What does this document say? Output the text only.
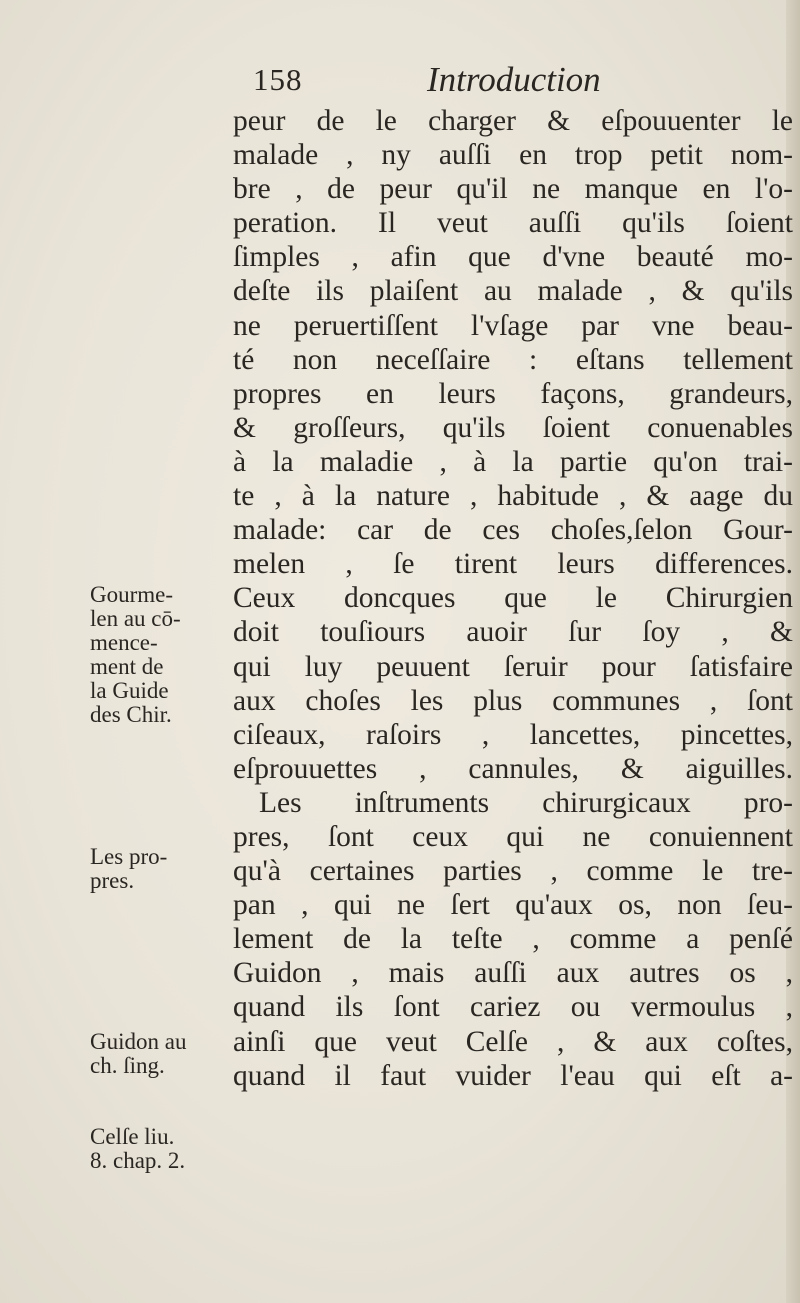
158	Introduction
peur de le charger & eſpouuenter le
malade , ny auſſi en trop petit nom-
bre , de peur qu'il ne manque en l'o-
peration. Il veut auſſi qu'ils ſoient
ſimples , afin que d'vne beauté mo-
deſte ils plaiſent au malade , & qu'ils
ne peruertiſſent l'vſage par vne beau-
té non neceſſaire : eſtans tellement
propres en leurs façons, grandeurs,
& groſſeurs, qu'ils ſoient conuenables
à la maladie , à la partie qu'on trai-
te , à la nature , habitude , & aage du
malade: car de ces choſes,ſelon Gour-
melen , ſe tirent leurs differences.
Ceux doncques que le Chirurgien
doit touſiours auoir ſur ſoy , &
qui luy peuuent ſeruir pour ſatisfaire
aux choſes les plus communes , ſont
ciſeaux, raſoirs , lancettes, pincettes,
eſprouuettes , cannules, & aiguilles.
Les inſtruments chirurgicaux pro-
pres, ſont ceux qui ne conuiennent
qu'à certaines parties , comme le tre-
pan , qui ne ſert qu'aux os, non ſeu-
lement de la teſte , comme a penſé
Guidon , mais auſſi aux autres os ,
quand ils ſont cariez ou vermoulus ,
ainſi que veut Celſe , & aux coſtes,
quand il faut vuider l'eau qui eſt a-
Gourme-
len au cō-
mence-
ment de
la Guide
des Chir.
Les pro-
pres.
Guidon au
ch. ſing.
Celſe liu.
8. chap. 2.
